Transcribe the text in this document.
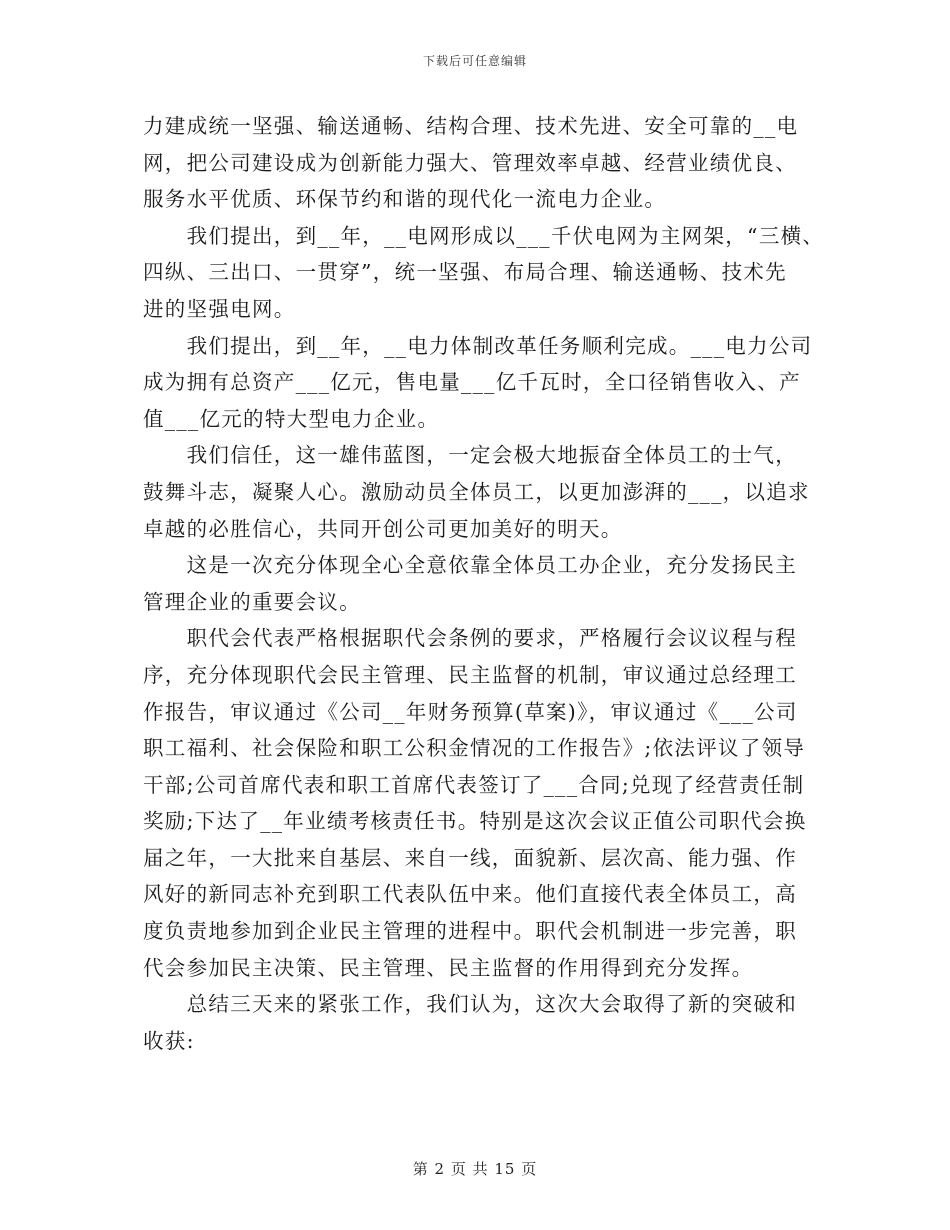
下载后可任意编辑

力建成统一坚强、输送通畅、结构合理、技术先进、安全可靠的__电
网，把公司建设成为创新能力强大、管理效率卓越、经营业绩优良、
服务水平优质、环保节约和谐的现代化一流电力企业。

　　我们提出，到__年，__电网形成以___千伏电网为主网架，“三横、
四纵、三出口、一贯穿”，统一坚强、布局合理、输送通畅、技术先
进的坚强电网。

　　我们提出，到__年，__电力体制改革任务顺利完成。___电力公司
成为拥有总资产___亿元，售电量___亿千瓦时，全口径销售收入、产
值___亿元的特大型电力企业。

　　我们信任，这一雄伟蓝图，一定会极大地振奋全体员工的士气，
鼓舞斗志，凝聚人心。激励动员全体员工，以更加澎湃的___，以追求
卓越的必胜信心，共同开创公司更加美好的明天。

　　这是一次充分体现全心全意依靠全体员工办企业，充分发扬民主
管理企业的重要会议。

　　职代会代表严格根据职代会条例的要求，严格履行会议议程与程
序，充分体现职代会民主管理、民主监督的机制，审议通过总经理工
作报告，审议通过《公司__年财务预算(草案)》，审议通过《___公司
职工福利、社会保险和职工公积金情况的工作报告》;依法评议了领导
干部;公司首席代表和职工首席代表签订了___合同;兑现了经营责任制
奖励;下达了__年业绩考核责任书。特别是这次会议正值公司职代会换
届之年，一大批来自基层、来自一线，面貌新、层次高、能力强、作
风好的新同志补充到职工代表队伍中来。他们直接代表全体员工，高
度负责地参加到企业民主管理的进程中。职代会机制进一步完善，职
代会参加民主决策、民主管理、民主监督的作用得到充分发挥。

　　总结三天来的紧张工作，我们认为，这次大会取得了新的突破和
收获:

第 2 页 共 15 页
